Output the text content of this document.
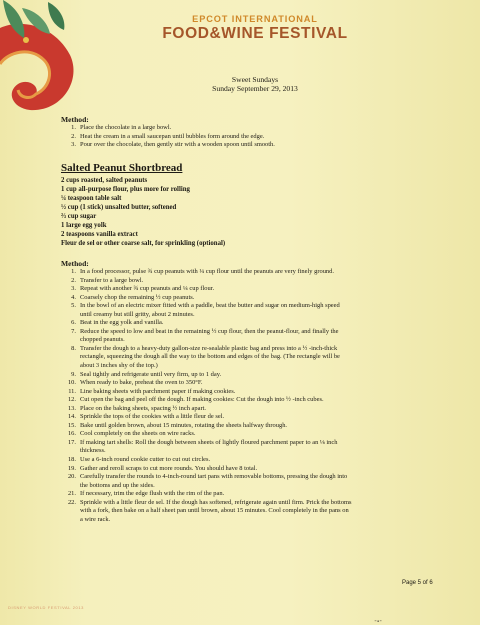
EPCOT INTERNATIONAL
FOOD&WINE FESTIVAL
Sweet Sundays
Sunday September 29, 2013
Method:
1. Place the chocolate in a large bowl.
2. Heat the cream in a small saucepan until bubbles form around the edge.
3. Pour over the chocolate, then gently stir with a wooden spoon until smooth.
Salted Peanut Shortbread
2 cups roasted, salted peanuts
1 cup all-purpose flour, plus more for rolling
¼ teaspoon table salt
½ cup (1 stick) unsalted butter, softened
⅔ cup sugar
1 large egg yolk
2 teaspoons vanilla extract
Fleur de sel or other coarse salt, for sprinkling (optional)
Method:
1. In a food processor, pulse ¾ cup peanuts with ¼ cup flour until the peanuts are very finely ground.
2. Transfer to a large bowl.
3. Repeat with another ¾ cup peanuts and ¼ cup flour.
4. Coarsely chop the remaining ½ cup peanuts.
5. In the bowl of an electric mixer fitted with a paddle, beat the butter and sugar on medium-high speed
until creamy but still gritty, about 2 minutes.
6. Beat in the egg yolk and vanilla.
7. Reduce the speed to low and beat in the remaining ½ cup flour, then the peanut-flour, and finally the
chopped peanuts.
8. Transfer the dough to a heavy-duty gallon-size re-sealable plastic bag and press into a ½ -inch-thick
rectangle, squeezing the dough all the way to the bottom and edges of the bag. (The rectangle will be
about 3 inches shy of the top.)
9. Seal tightly and refrigerate until very firm, up to 1 day.
10. When ready to bake, preheat the oven to 350°F.
11. Line baking sheets with parchment paper if making cookies.
12. Cut open the bag and peel off the dough. If making cookies: Cut the dough into ½ -inch cubes.
13. Place on the baking sheets, spacing ½ inch apart.
14. Sprinkle the tops of the cookies with a little fleur de sel.
15. Bake until golden brown, about 15 minutes, rotating the sheets halfway through.
16. Cool completely on the sheets on wire racks.
17. If making tart shells: Roll the dough between sheets of lightly floured parchment paper to an ⅛ inch
thickness.
18. Use a 6-inch round cookie cutter to cut out circles.
19. Gather and reroll scraps to cut more rounds. You should have 8 total.
20. Carefully transfer the rounds to 4-inch-round tart pans with removable bottoms, pressing the dough into
the bottoms and up the sides.
21. If necessary, trim the edge flush with the rim of the pan.
22. Sprinkle with a little fleur de sel. If the dough has softened, refrigerate again until firm. Prick the bottoms
with a fork, then bake on a half sheet pan until brown, about 15 minutes. Cool completely in the pans on
a wire rack.
Page 5 of 6
DISNEY WORLD FESTIVAL 2013
⁃▪⁃
